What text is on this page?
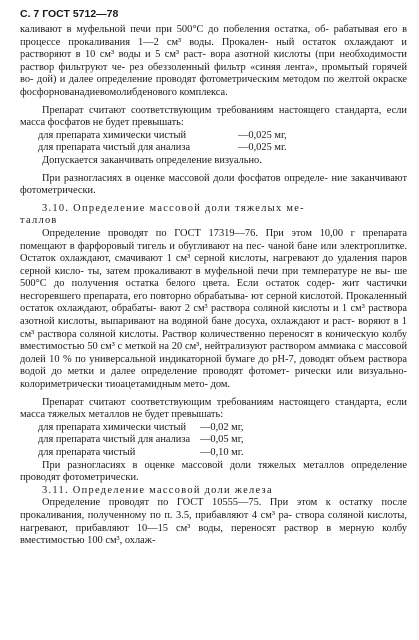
С. 7 ГОСТ 5712—78

каливают в муфельной печи при 500°С до побеления остатка, об- рабатывая его в процессе прокаливания 1—2 см³ воды. Прокален- ный остаток охлаждают и растворяют в 10 см³ воды и 5 см³ раст- вора азотной кислоты (при необходимости раствор фильтруют че- рез обеззоленный фильтр «синяя лента», промытый горячей во- дой) и далее определение проводят фотометрическим методом по желтой окраске фосфорнованадиевомолибденового комплекса.

Препарат считают соответствующим требованиям настоящего стандарта, если масса фосфатов не будет превышать:

для препарата химически чистый	—0,025 мг,
для препарата чистый для анализа	—0,025 мг.

Допускается заканчивать определение визуально.

При разногласиях в оценке массовой доли фосфатов определе- ние заканчивают фотометрически.

3.10. Определение массовой доли тяжелых ме-

таллов

Определение проводят по ГОСТ 17319—76. При этом 10,00 г препарата помещают в фарфоровый тигель и обугливают на пес- чаной бане или электроплитке. Остаток охлаждают, смачивают 1 см³ серной кислоты, нагревают до удаления паров серной кисло- ты, затем прокаливают в муфельной печи при температуре не вы- ше 500°С до получения остатка белого цвета. Если остаток содер- жит частички несгоревшего препарата, его повторно обрабатыва- ют серной кислотой. Прокаленный остаток охлаждают, обрабаты- вают 2 см³ раствора соляной кислоты и 1 см³ раствора азотной кислоты, выпаривают на водяной бане досуха, охлаждают и раст- воряют в 1 см³ раствора соляной кислоты. Раствор количественно переносят в коническую колбу вместимостью 50 см³ с меткой на 20 см³, нейтрализуют раствором аммиака с массовой долей 10 % по универсальной индикаторной бумаге до рН-7, доводят объем раствора водой до метки и далее определение проводят фотомет- рически или визуально-колориметрически тиоацетамидным мето- дом.

Препарат считают соответствующим требованиям настоящего стандарта, если масса тяжелых металлов не будет превышать:

для препарата химически чистый —0,02 мг,
для препарата чистый для анализа —0,05 мг,
для препарата чистый	—0,10 мг.

При разногласиях в оценке массовой доли тяжелых металлов определение проводят фотометрически.

3.11. Определение массовой доли железа

Определение проводят по ГОСТ 10555—75. При этом к остатку после прокаливания, полученному по п. 3.5, прибавляют 4 см³ ра- створа соляной кислоты, нагревают, прибавляют 10—15 см³ воды, переносят раствор в мерную колбу вместимостью 100 см³, охлаж-
